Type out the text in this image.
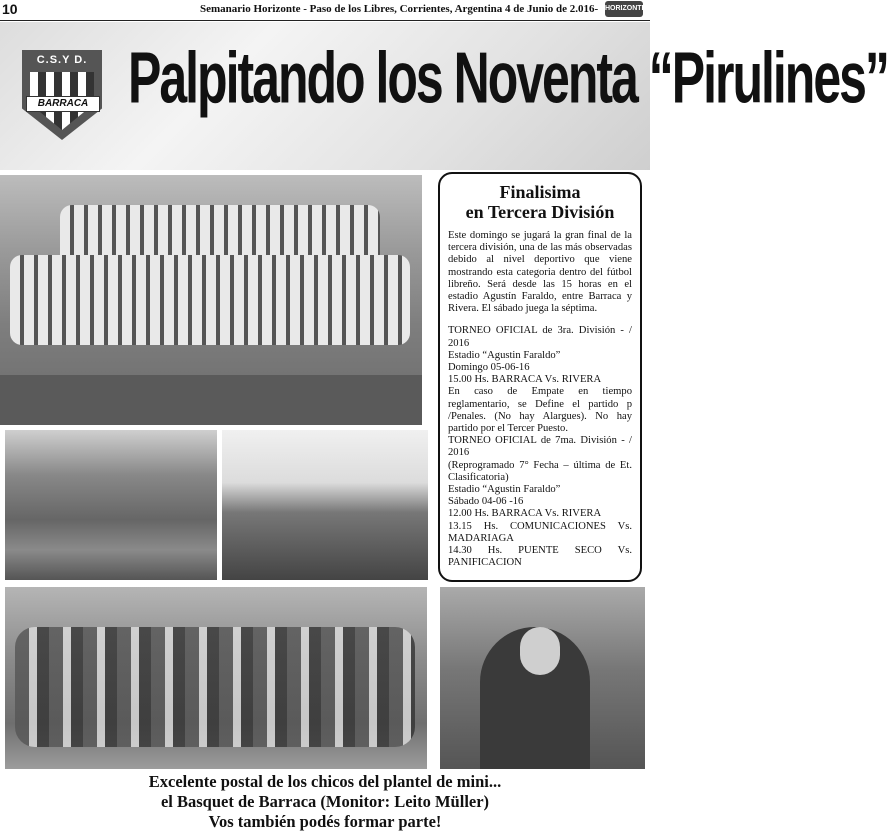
10	Semanario Horizonte - Paso de los Libres, Corrientes, Argentina 4 de Junio de 2.016- HORIZONTE
C.S.Y D.
BARRACA Palpitando los Noventa “Pirulines”
Finalisima
en Tercera División

Este domingo se jugará la gran final de la tercera división, una de las más observadas debido al nivel deportivo que viene mostrando esta categoria dentro del fútbol libreño. Será desde las 15 horas en el estadio Agustín Faraldo, entre Barraca y Rivera. El sábado juega la séptima.

TORNEO OFICIAL de 3ra. División - / 2016

Estadio “Agustin Faraldo”

Domingo 05-06-16

15.00 Hs. BARRACA Vs. RIVERA

En caso de Empate en tiempo reglamentario, se Define el partido p /Penales. (No hay Alargues). No hay partido por el Tercer Puesto.

TORNEO OFICIAL de 7ma. División - / 2016

(Reprogramado 7° Fecha – última de Et. Clasificatoria)

Estadio “Agustin Faraldo”

Sábado 04-06 -16

12.00 Hs. BARRACA Vs. RIVERA

13.15 Hs. COMUNICACIONES Vs. MADARIAGA

14.30 Hs. PUENTE SECO Vs. PANIFICACION

Excelente postal de los chicos del plantel de mini...
el Basquet de Barraca (Monitor: Leito Müller)
Vos también podés formar parte!
